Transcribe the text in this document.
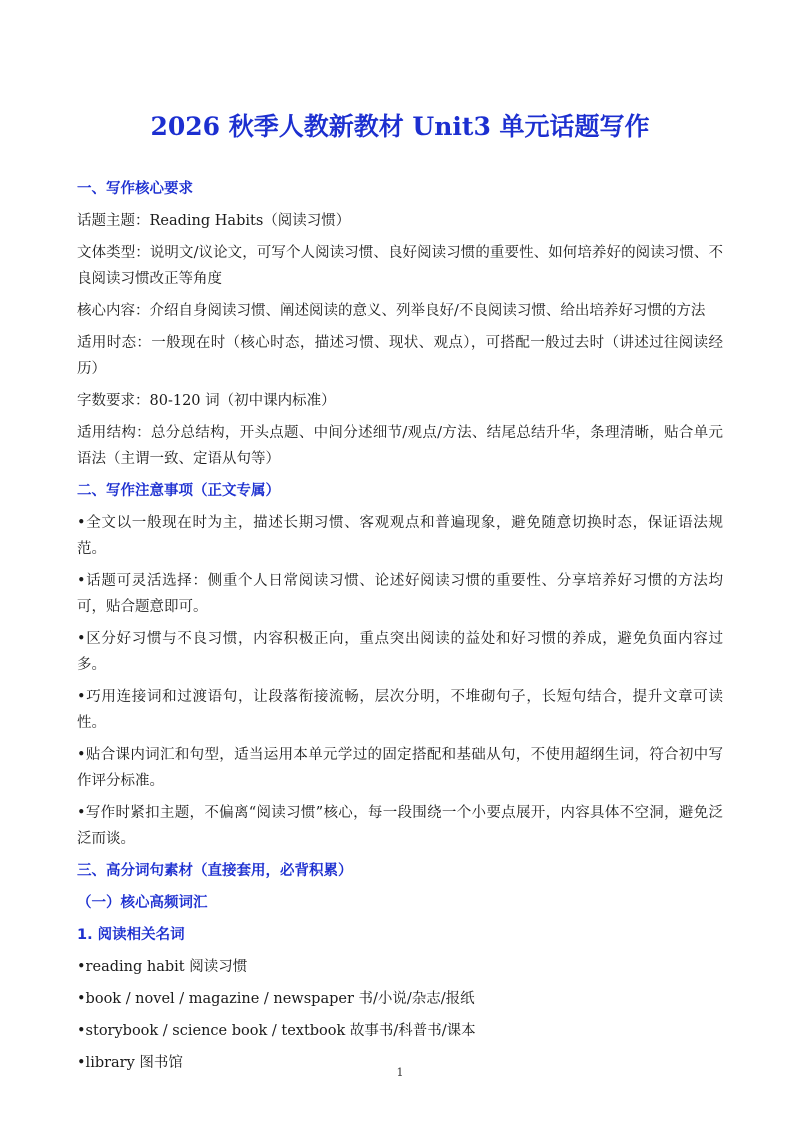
2026 秋季人教新教材 Unit3 单元话题写作
一、写作核心要求
话题主题：Reading Habits（阅读习惯）
文体类型：说明文/议论文，可写个人阅读习惯、良好阅读习惯的重要性、如何培养好的阅读习惯、不良阅读习惯改正等角度
核心内容：介绍自身阅读习惯、阐述阅读的意义、列举良好/不良阅读习惯、给出培养好习惯的方法
适用时态：一般现在时（核心时态，描述习惯、现状、观点），可搭配一般过去时（讲述过往阅读经历）
字数要求：80-120 词（初中课内标准）
适用结构：总分总结构，开头点题、中间分述细节/观点/方法、结尾总结升华，条理清晰，贴合单元语法（主谓一致、定语从句等）
二、写作注意事项（正文专属）
•全文以一般现在时为主，描述长期习惯、客观观点和普遍现象，避免随意切换时态，保证语法规范。
•话题可灵活选择：侧重个人日常阅读习惯、论述好阅读习惯的重要性、分享培养好习惯的方法均可，贴合题意即可。
•区分好习惯与不良习惯，内容积极正向，重点突出阅读的益处和好习惯的养成，避免负面内容过多。
•巧用连接词和过渡语句，让段落衔接流畅，层次分明，不堆砌句子，长短句结合，提升文章可读性。
•贴合课内词汇和句型，适当运用本单元学过的固定搭配和基础从句，不使用超纲生词，符合初中写作评分标准。
•写作时紧扣主题，不偏离“阅读习惯”核心，每一段围绕一个小要点展开，内容具体不空洞，避免泛泛而谈。
三、高分词句素材（直接套用，必背积累）
（一）核心高频词汇
1. 阅读相关名词
•reading habit 阅读习惯
•book / novel / magazine / newspaper 书/小说/杂志/报纸
•storybook / science book / textbook 故事书/科普书/课本
•library 图书馆
1
